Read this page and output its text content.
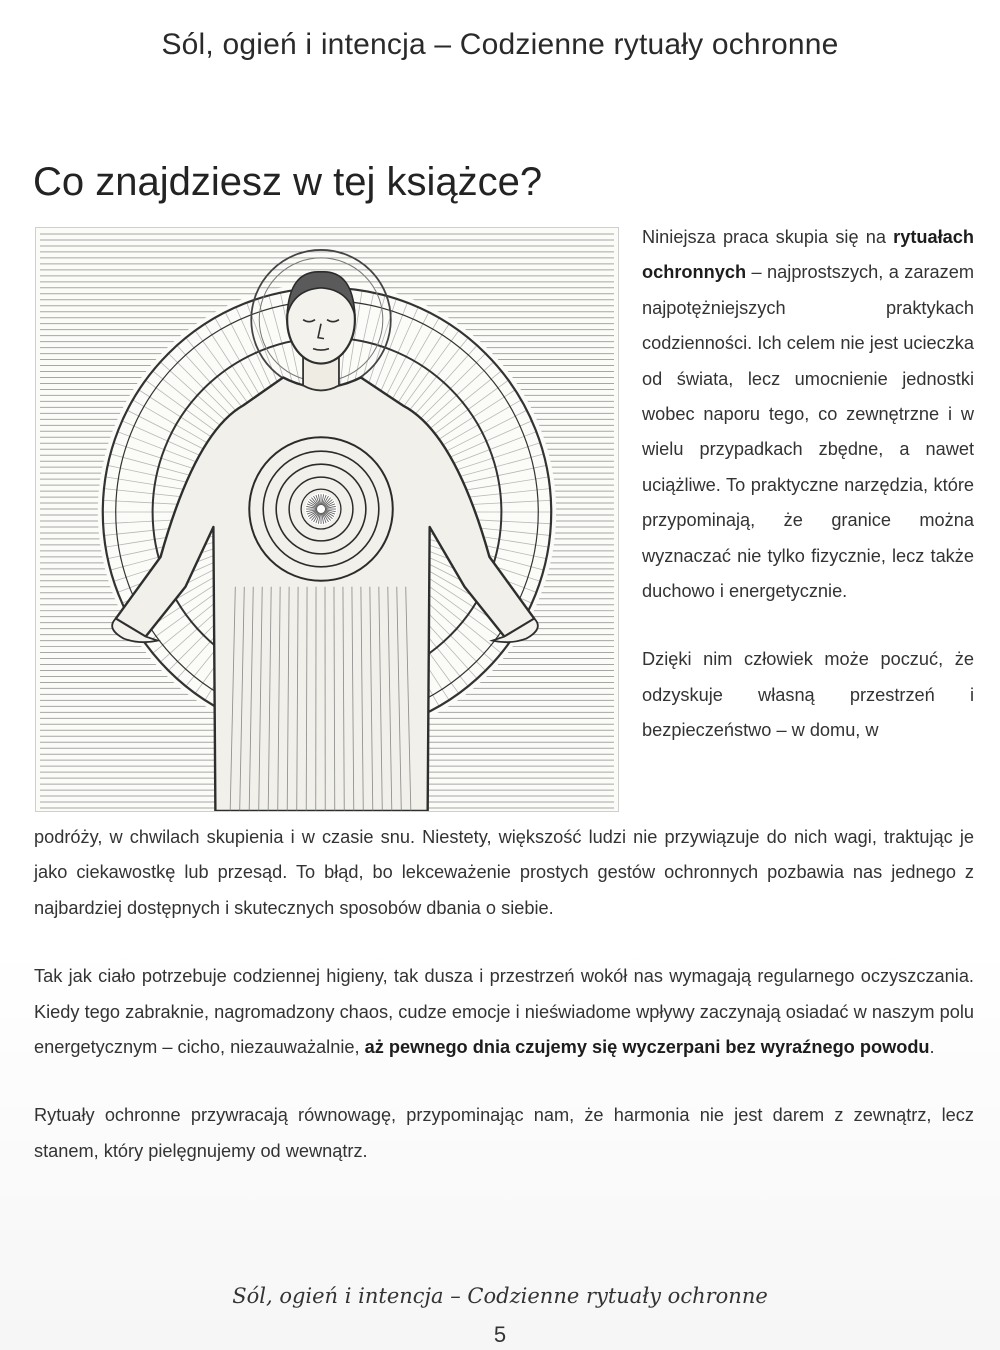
Sól, ogień i intencja – Codzienne rytuały ochronne
Co znajdziesz w tej książce?

Niniejsza praca skupia się na rytuałach ochronnych – najprostszych, a zarazem najpotężniejszych praktykach codzienności. Ich celem nie jest ucieczka od świata, lecz umocnienie jednostki wobec naporu tego, co zewnętrzne i w wielu przypadkach zbędne, a nawet uciążliwe. To praktyczne narzędzia, które przypominają, że granice można wyznaczać nie tylko fizycznie, lecz także duchowo i energetycznie.

Dzięki nim człowiek może poczuć, że odzyskuje własną przestrzeń i bezpieczeństwo – w domu, w

podróży, w chwilach skupienia i w czasie snu. Niestety, większość ludzi nie przywiązuje do nich wagi, traktując je jako ciekawostkę lub przesąd. To błąd, bo lekceważenie prostych gestów ochronnych pozbawia nas jednego z najbardziej dostępnych i skutecznych sposobów dbania o siebie.

Tak jak ciało potrzebuje codziennej higieny, tak dusza i przestrzeń wokół nas wymagają regularnego oczyszczania. Kiedy tego zabraknie, nagromadzony chaos, cudze emocje i nieświadome wpływy zaczynają osiadać w naszym polu energetycznym – cicho, niezauważalnie, aż pewnego dnia czujemy się wyczerpani bez wyraźnego powodu.

Rytuały ochronne przywracają równowagę, przypominając nam, że harmonia nie jest darem z zewnątrz, lecz stanem, który pielęgnujemy od wewnątrz.

Sól, ogień i intencja – Codzienne rytuały ochronne
5
